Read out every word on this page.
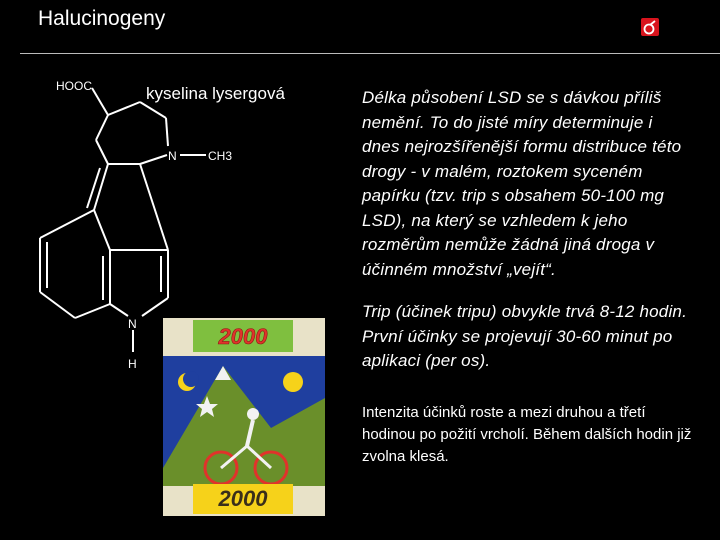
Halucinogeny
HOOC
N	CH3
N
H
kyselina lysergová
2000
2000

Délka působení LSD se s dávkou příliš nemění. To do jisté míry determinuje i dnes nejrozšířenější formu distribuce této drogy - v malém, roztokem syceném papírku (tzv. trip s obsahem 50-100 mg LSD), na který se vzhledem k jeho rozměrům nemůže žádná jiná droga v účinném množství „vejít“.

Trip (účinek tripu) obvykle trvá 8-12 hodin. První účinky se projevují 30-60 minut po aplikaci (per os).

Intenzita účinků roste a mezi druhou a třetí hodinou po požití vrcholí. Během dalších hodin již zvolna klesá.
